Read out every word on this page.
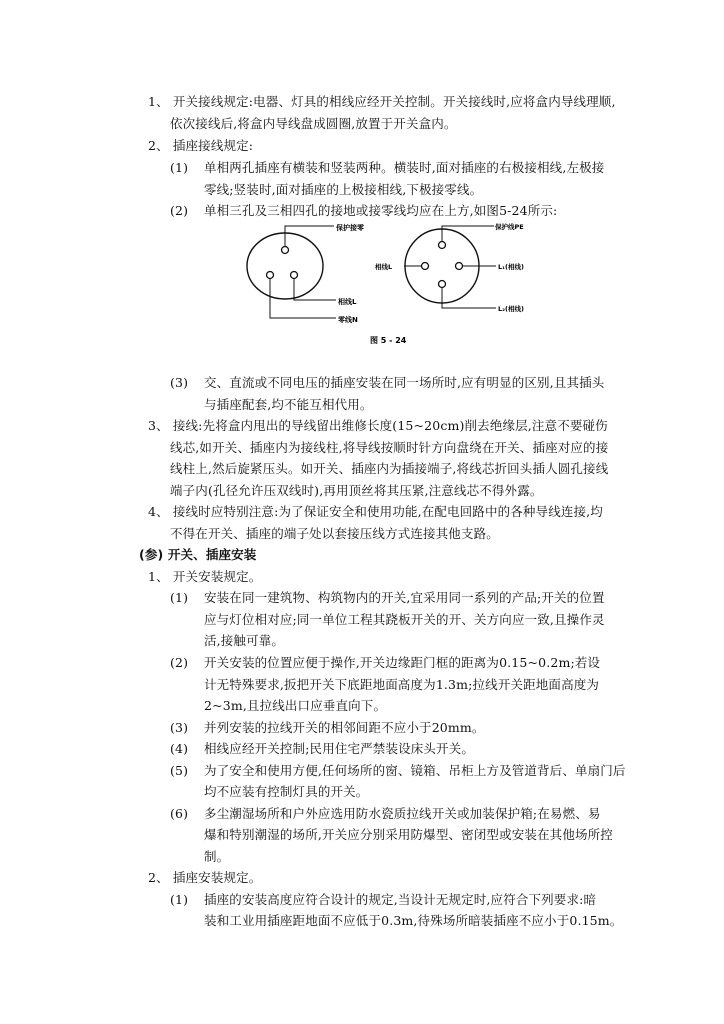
1、 开关接线规定:电器、灯具的相线应经开关控制。开关接线时,应将盒内导线理顺,
依次接线后,将盒内导线盘成圆圈,放置于开关盒内。
2、 插座接线规定:
(1) 单相两孔插座有横装和竖装两种。横装时,面对插座的右极接相线,左极接
零线;竖装时,面对插座的上极接相线,下极接零线。
(2) 单相三孔及三相四孔的接地或接零线均应在上方,如图5-24所示:
保护接零
相线L
零线N
保护线PE
相线L	L₁(相线)
L₂(相线)
图 5 - 24
(3) 交、直流或不同电压的插座安装在同一场所时,应有明显的区别,且其插头
与插座配套,均不能互相代用。
3、 接线:先将盒内甩出的导线留出维修长度(15~20cm)削去绝缘层,注意不要碰伤
线芯,如开关、插座内为接线柱,将导线按顺时针方向盘绕在开关、插座对应的接
线柱上,然后旋紧压头。如开关、插座内为插接端子,将线芯折回头插人圆孔接线
端子内(孔径允许压双线时),再用顶丝将其压紧,注意线芯不得外露。
4、 接线时应特别注意:为了保证安全和使用功能,在配电回路中的各种导线连接,均
不得在开关、插座的端子处以套接压线方式连接其他支路。
(参) 开关、插座安装
1、 开关安装规定。
(1) 安装在同一建筑物、构筑物内的开关,宜采用同一系列的产品;开关的位置
应与灯位相对应;同一单位工程其跷板开关的开、关方向应一致,且操作灵
活,接触可靠。
(2) 开关安装的位置应便于操作,开关边缘距门框的距离为0.15~0.2m;若设
计无特殊要求,扳把开关下底距地面高度为1.3m;拉线开关距地面高度为
2~3m,且拉线出口应垂直向下。
(3) 并列安装的拉线开关的相邻间距不应小于20mm。
(4) 相线应经开关控制;民用住宅严禁装设床头开关。
(5) 为了安全和使用方便,任何场所的窗、镜箱、吊柜上方及管道背后、单扇门后
均不应装有控制灯具的开关。
(6) 多尘潮湿场所和户外应选用防水瓷质拉线开关或加装保护箱;在易燃、易
爆和特别潮湿的场所,开关应分别采用防爆型、密闭型或安装在其他场所控
制。
2、 插座安装规定。
(1) 插座的安装高度应符合设计的规定,当设计无规定时,应符合下列要求:暗
装和工业用插座距地面不应低于0.3m,待殊场所暗装插座不应小于0.15m。
